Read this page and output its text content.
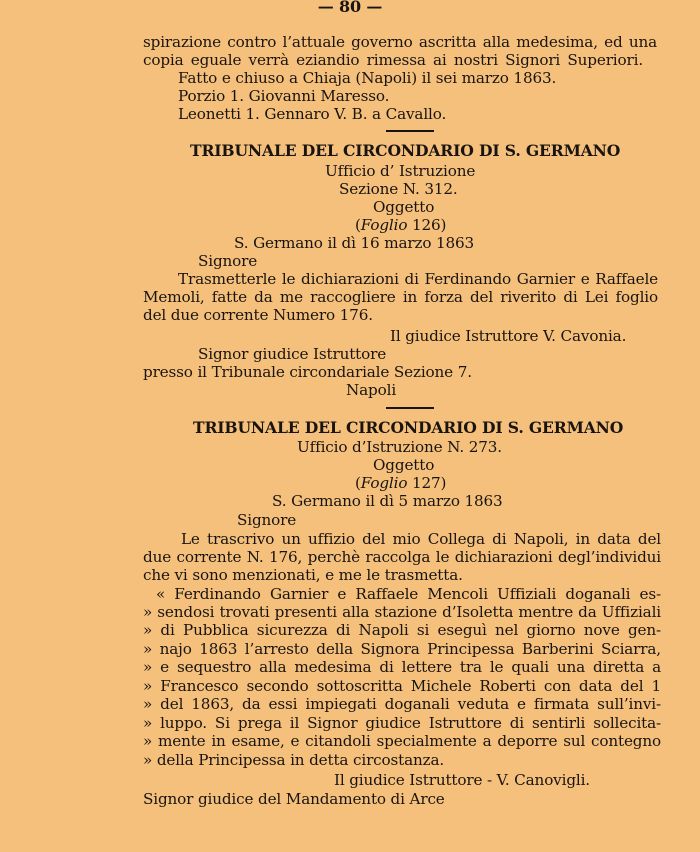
— 80 —
spirazione contro l’attuale governo ascritta alla medesima, ed una
copia eguale verrà eziandio rimessa ai nostri Signori Superiori.
Fatto e chiuso a Chiaja (Napoli) il sei marzo 1863.
Porzio 1. Giovanni Maresso.
Leonetti 1. Gennaro V. B. a Cavallo.
TRIBUNALE DEL CIRCONDARIO DI S. GERMANO
Ufficio d’ Istruzione
Sezione N. 312.
Oggetto
(Foglio 126)
S. Germano il dì 16 marzo 1863
Signore
Trasmetterle le dichiarazioni di Ferdinando Garnier e Raffaele
Memoli, fatte da me raccogliere in forza del riverito di Lei foglio
del due corrente Numero 176.
Il giudice Istruttore V. Cavonia.
Signor giudice Istruttore
presso il Tribunale circondariale Sezione 7.
Napoli
TRIBUNALE DEL CIRCONDARIO DI S. GERMANO
Ufficio d’Istruzione N. 273.
Oggetto
(Foglio 127)
S. Germano il dì 5 marzo 1863
Signore
Le trascrivo un uffizio del mio Collega di Napoli, in data del
due corrente N. 176, perchè raccolga le dichiarazioni degl’individui
che vi sono menzionati, e me le trasmetta.
« Ferdinando Garnier e Raffaele Mencoli Uffiziali doganali es-
» sendosi trovati presenti alla stazione d’Isoletta mentre da Uffiziali
» di Pubblica sicurezza di Napoli si eseguì nel giorno nove gen-
» najo 1863 l’arresto della Signora Principessa Barberini Sciarra,
» e sequestro alla medesima di lettere tra le quali una diretta a
» Francesco secondo sottoscritta Michele Roberti con data del 1
» del 1863, da essi impiegati doganali veduta e firmata sull’invi-
» luppo. Si prega il Signor giudice Istruttore di sentirli sollecita-
» mente in esame, e citandoli specialmente a deporre sul contegno
» della Principessa in detta circostanza.
Il giudice Istruttore - V. Canovigli.
Signor giudice del Mandamento di Arce
